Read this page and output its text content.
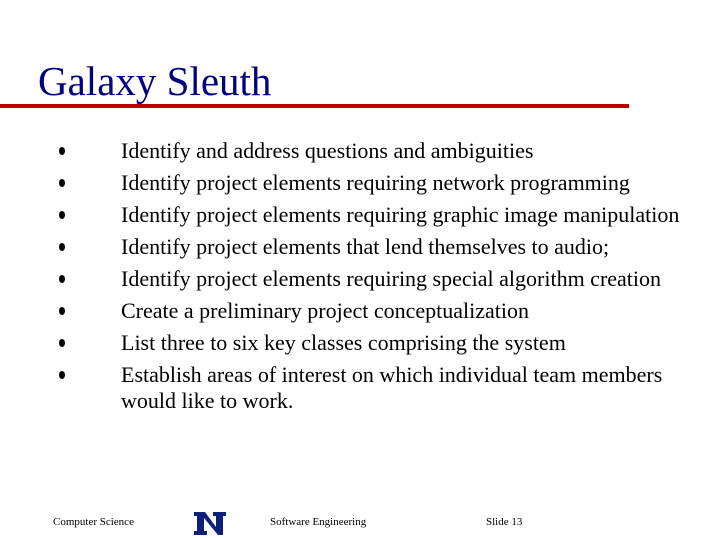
Galaxy Sleuth
Identify and address questions and ambiguities
Identify project elements requiring network programming
Identify project elements requiring graphic image manipulation
Identify project elements that lend themselves to audio;
Identify project elements requiring special algorithm creation
Create a preliminary project conceptualization
List three to six key classes comprising the system
Establish areas of interest on which individual team members would like to work.
Computer Science	Software Engineering	Slide 13
